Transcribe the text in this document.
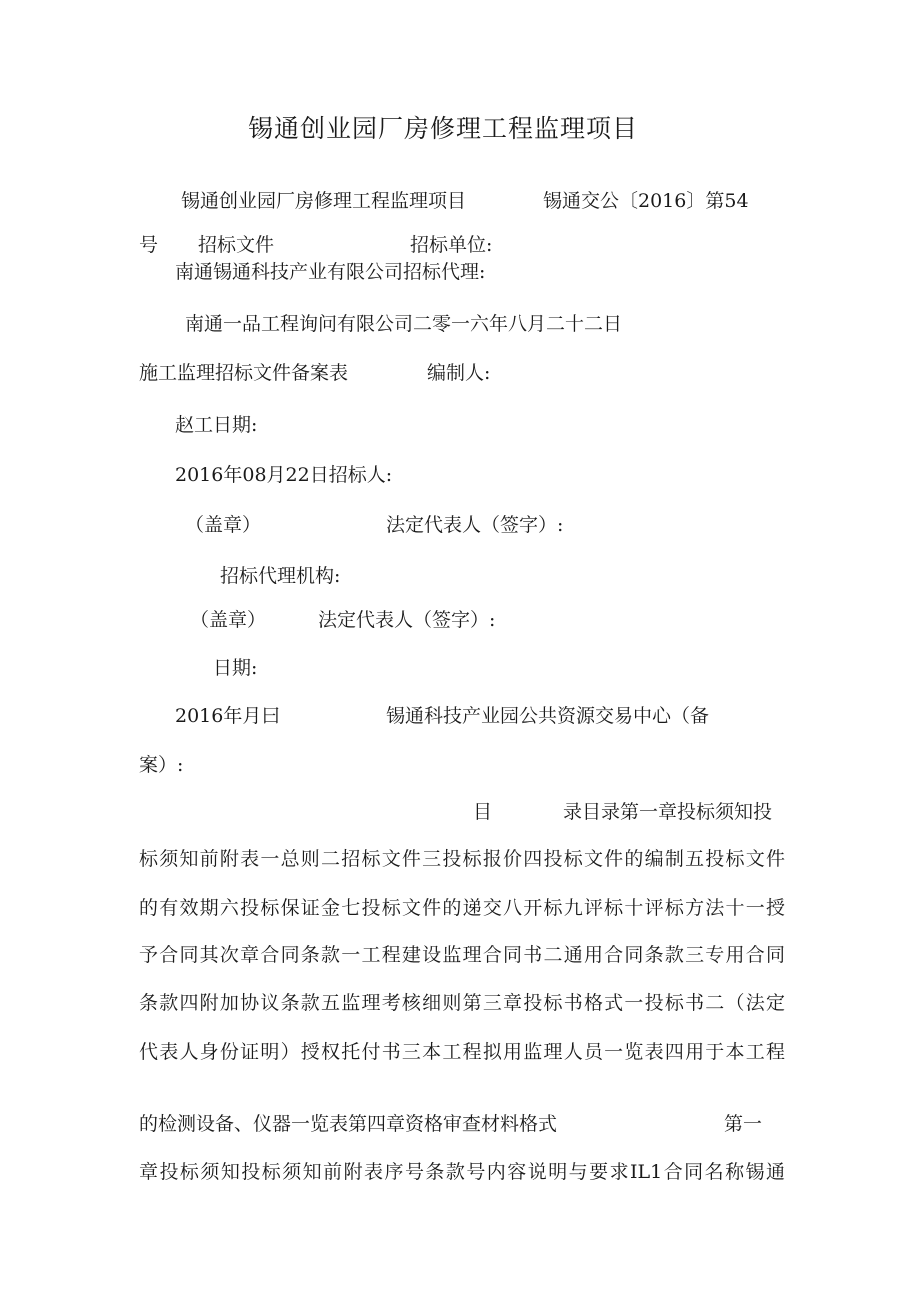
锡通创业园厂房修理工程监理项目
锡通创业园厂房修理工程监理项目	锡通交公〔2016〕第54
号 招标文件	招标单位:
南通锡通科技产业有限公司招标代理:
南通一品工程询问有限公司二零一六年八月二十二日
施工监理招标文件备案表	编制人:
赵工日期:
2016年08月22日招标人:
（盖章）	法定代表人（签字）:
招标代理机构:
（盖章）	法定代表人（签字）:
日期:
2016年月曰	锡通科技产业园公共资源交易中心（备
案）:
目	录目录第一章投标须知投
标须知前附表一总则二招标文件三投标报价四投标文件的编制五投标文件
的有效期六投标保证金七投标文件的递交八开标九评标十评标方法十一授
予合同其次章合同条款一工程建设监理合同书二通用合同条款三专用合同
条款四附加协议条款五监理考核细则第三章投标书格式一投标书二（法定
代表人身份证明）授权托付书三本工程拟用监理人员一览表四用于本工程
的检测设备、仪器一览表第四章资格审查材料格式	第一
章投标须知投标须知前附表序号条款号内容说明与要求IL1合同名称锡通
